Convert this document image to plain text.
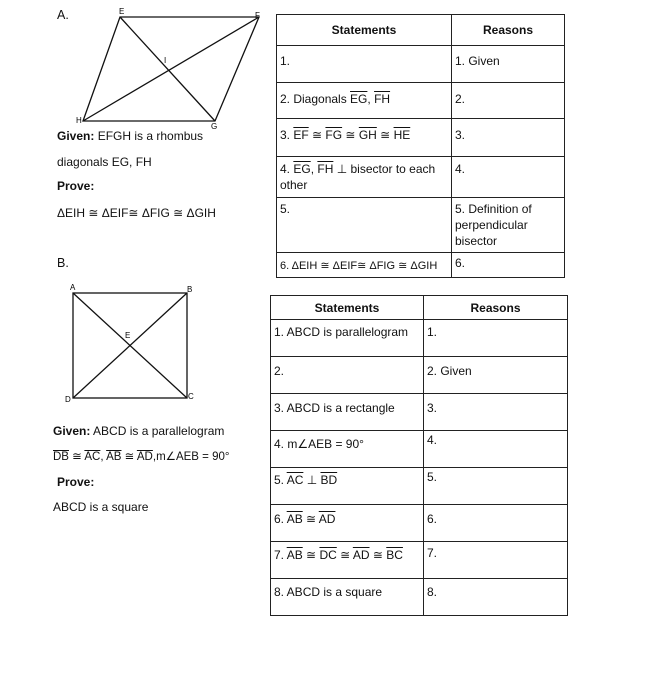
A.	E	F
G
H
I
Given: EFGH is a rhombus
diagonals EG, FH
Prove:
ΔEIH ≅ ΔEIF≅ ΔFIG ≅ ΔGIH
Statements	Reasons
1.	1. Given
2. Diagonals $\overline{EG}$, $\overline{FH}$	2.
3. $\overline{EF}$ ≅ $\overline{FG}$ ≅ $\overline{GH}$ ≅ $\overline{HE}$	3.
4. $\overline{EG}$, $\overline{FH}$ ⊥ bisector to each other	4.
5.	5. Definition of perpendicular bisector
6. ΔEIH ≅ ΔEIF≅ ΔFIG ≅ ΔGIH	6.
B.
A	B
C
D
E
Given: ABCD is a parallelogram
$\overline{DB}$ ≅ $\overline{AC}$, $\overline{AB}$ ≅ $\overline{AD},m\angle AEB = 90^\circ$
Prove:
ABCD is a square
Statements	Reasons
1. ABCD is parallelogram	1.
2.	2. Given
3. ABCD is a rectangle	3.
4. m∠AEB = 90°	4.
5. $\overline{AC}$ ⊥ $\overline{BD}$	5.
6. $\overline{AB}$ ≅ $\overline{AD}$	6.
7. $\overline{AB}$ ≅ $\overline{DC}$ ≅ $\overline{AD}$ ≅ $\overline{BC}$	7.
8. ABCD is a square	8.
